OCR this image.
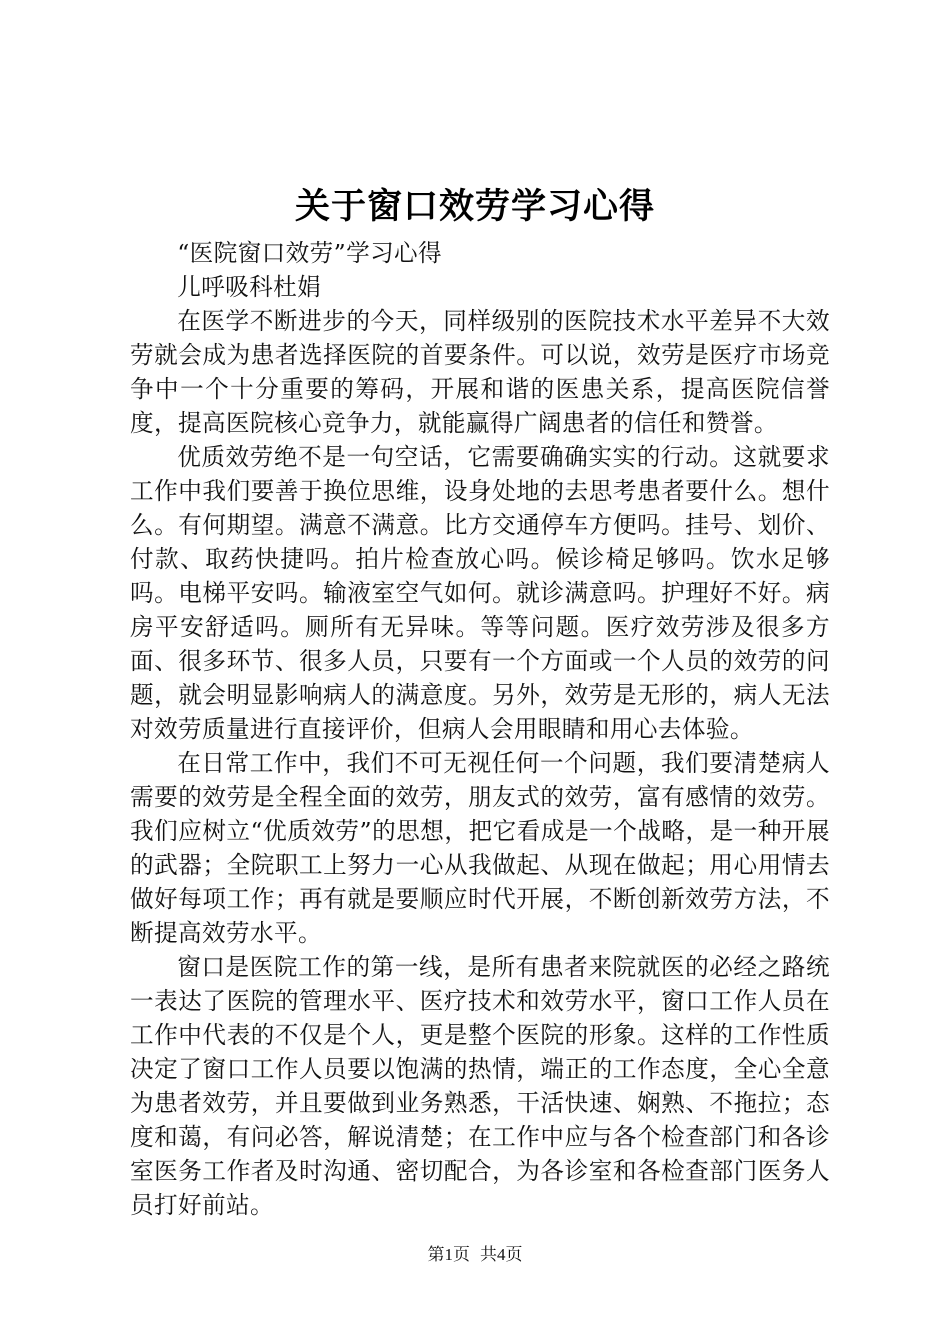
关于窗口效劳学习心得

“医院窗口效劳”学习心得

儿呼吸科杜娟

在医学不断进步的今天，同样级别的医院技术水平差异不大效劳就会成为患者选择医院的首要条件。可以说，效劳是医疗市场竞争中一个十分重要的筹码，开展和谐的医患关系，提高医院信誉度，提高医院核心竞争力，就能赢得广阔患者的信任和赞誉。

优质效劳绝不是一句空话，它需要确确实实的行动。这就要求工作中我们要善于换位思维，设身处地的去思考患者要什么。想什么。有何期望。满意不满意。比方交通停车方便吗。挂号、划价、付款、取药快捷吗。拍片检查放心吗。候诊椅足够吗。饮水足够吗。电梯平安吗。输液室空气如何。就诊满意吗。护理好不好。病房平安舒适吗。厕所有无异味。等等问题。医疗效劳涉及很多方面、很多环节、很多人员，只要有一个方面或一个人员的效劳的问题，就会明显影响病人的满意度。另外，效劳是无形的，病人无法对效劳质量进行直接评价，但病人会用眼睛和用心去体验。

在日常工作中，我们不可无视任何一个问题，我们要清楚病人需要的效劳是全程全面的效劳，朋友式的效劳，富有感情的效劳。我们应树立“优质效劳”的思想，把它看成是一个战略，是一种开展的武器；全院职工上努力一心从我做起、从现在做起；用心用情去做好每项工作；再有就是要顺应时代开展，不断创新效劳方法，不断提高效劳水平。

窗口是医院工作的第一线，是所有患者来院就医的必经之路统一表达了医院的管理水平、医疗技术和效劳水平，窗口工作人员在工作中代表的不仅是个人，更是整个医院的形象。这样的工作性质决定了窗口工作人员要以饱满的热情，端正的工作态度，全心全意为患者效劳，并且要做到业务熟悉，干活快速、娴熟、不拖拉；态度和蔼，有问必答，解说清楚；在工作中应与各个检查部门和各诊室医务工作者及时沟通、密切配合，为各诊室和各检查部门医务人员打好前站。

第1页 共4页
